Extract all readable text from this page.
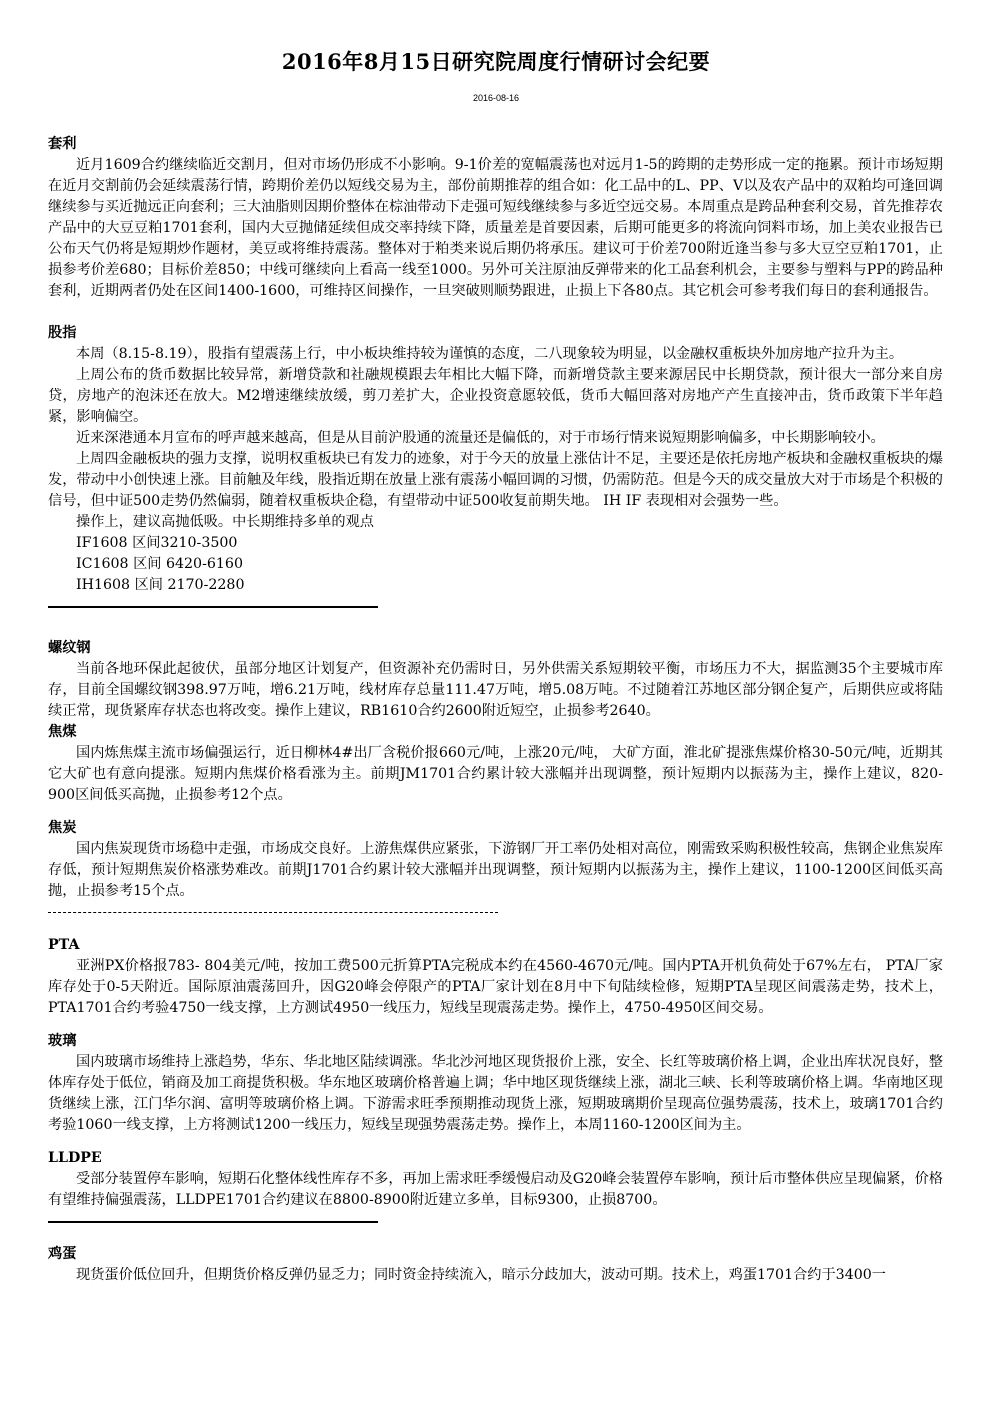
2016年8月15日研究院周度行情研讨会纪要
2016-08-16
套利

近月1609合约继续临近交割月，但对市场仍形成不小影响。9-1价差的宽幅震荡也对远月1-5的跨期的走势形成一定的拖累。预计市场短期在近月交割前仍会延续震荡行情，跨期价差仍以短线交易为主，部份前期推荐的组合如：化工品中的L、PP、V以及农产品中的双粕均可逢回调继续参与买近抛远正向套利；三大油脂则因期价整体在棕油带动下走强可短线继续参与多近空远交易。本周重点是跨品种套利交易，首先推荐农产品中的大豆豆粕1701套利，国内大豆抛储延续但成交率持续下降，质量差是首要因素，后期可能更多的将流向饲料市场，加上美农业报告已公布天气仍将是短期炒作题材，美豆或将维持震荡。整体对于粕类来说后期仍将承压。建议可于价差700附近逢当参与多大豆空豆粕1701，止损参考价差680；目标价差850；中线可继续向上看高一线至1000。另外可关注原油反弹带来的化工品套利机会，主要参与塑料与PP的跨品种套利，近期两者仍处在区间1400-1600，可维持区间操作，一旦突破则顺势跟进，止损上下各80点。其它机会可参考我们每日的套利通报告。

股指

本周（8.15-8.19），股指有望震荡上行，中小板块维持较为谨慎的态度，二八现象较为明显，以金融权重板块外加房地产拉升为主。

上周公布的货币数据比较异常，新增贷款和社融规模跟去年相比大幅下降，而新增贷款主要来源居民中长期贷款，预计很大一部分来自房贷，房地产的泡沫还在放大。M2增速继续放缓，剪刀差扩大，企业投资意愿较低，货币大幅回落对房地产产生直接冲击，货币政策下半年趋紧，影响偏空。

近来深港通本月宣布的呼声越来越高，但是从目前沪股通的流量还是偏低的，对于市场行情来说短期影响偏多，中长期影响较小。

上周四金融板块的强力支撑，说明权重板块已有发力的迹象，对于今天的放量上涨估计不足，主要还是依托房地产板块和金融权重板块的爆发，带动中小创快速上涨。目前触及年线，股指近期在放量上涨有震荡小幅回调的习惯，仍需防范。但是今天的成交量放大对于市场是个积极的信号，但中证500走势仍然偏弱，随着权重板块企稳，有望带动中证500收复前期失地。 IH IF 表现相对会强势一些。

操作上，建议高抛低吸。中长期维持多单的观点

IF1608 区间3210-3500

IC1608 区间 6420-6160

IH1608 区间 2170-2280

螺纹钢

当前各地环保此起彼伏，虽部分地区计划复产，但资源补充仍需时日，另外供需关系短期较平衡，市场压力不大，据监测35个主要城市库存，目前全国螺纹钢398.97万吨，增6.21万吨，线材库存总量111.47万吨，增5.08万吨。不过随着江苏地区部分钢企复产，后期供应或将陆续正常，现货紧库存状态也将改变。操作上建议，RB1610合约2600附近短空，止损参考2640。

焦煤

国内炼焦煤主流市场偏强运行，近日柳林4#出厂含税价报660元/吨，上涨20元/吨， 大矿方面，淮北矿提涨焦煤价格30-50元/吨，近期其它大矿也有意向提涨。短期内焦煤价格看涨为主。前期JM1701合约累计较大涨幅并出现调整，预计短期内以振荡为主，操作上建议，820-900区间低买高抛，止损参考12个点。

焦炭

国内焦炭现货市场稳中走强，市场成交良好。上游焦煤供应紧张，下游钢厂开工率仍处相对高位，刚需致采购积极性较高，焦钢企业焦炭库存低，预计短期焦炭价格涨势难改。前期J1701合约累计较大涨幅并出现调整，预计短期内以振荡为主，操作上建议，1100-1200区间低买高抛，止损参考15个点。

PTA

亚洲PX价格报783- 804美元/吨，按加工费500元折算PTA完税成本约在4560-4670元/吨。国内PTA开机负荷处于67%左右， PTA厂家库存处于0-5天附近。国际原油震荡回升，因G20峰会停限产的PTA厂家计划在8月中下旬陆续检修，短期PTA呈现区间震荡走势，技术上，PTA1701合约考验4750一线支撑，上方测试4950一线压力，短线呈现震荡走势。操作上，4750-4950区间交易。

玻璃

国内玻璃市场维持上涨趋势，华东、华北地区陆续调涨。华北沙河地区现货报价上涨，安全、长红等玻璃价格上调，企业出库状况良好，整体库存处于低位，销商及加工商提货积极。华东地区玻璃价格普遍上调；华中地区现货继续上涨，湖北三峡、长利等玻璃价格上调。华南地区现货继续上涨，江门华尔润、富明等玻璃价格上调。下游需求旺季预期推动现货上涨，短期玻璃期价呈现高位强势震荡，技术上，玻璃1701合约考验1060一线支撑，上方将测试1200一线压力，短线呈现强势震荡走势。操作上，本周1160-1200区间为主。

LLDPE

受部分装置停车影响，短期石化整体线性库存不多，再加上需求旺季缓慢启动及G20峰会装置停车影响，预计后市整体供应呈现偏紧，价格有望维持偏强震荡，LLDPE1701合约建议在8800-8900附近建立多单，目标9300，止损8700。

鸡蛋

现货蛋价低位回升，但期货价格反弹仍显乏力；同时资金持续流入，暗示分歧加大，波动可期。技术上，鸡蛋1701合约于3400一
